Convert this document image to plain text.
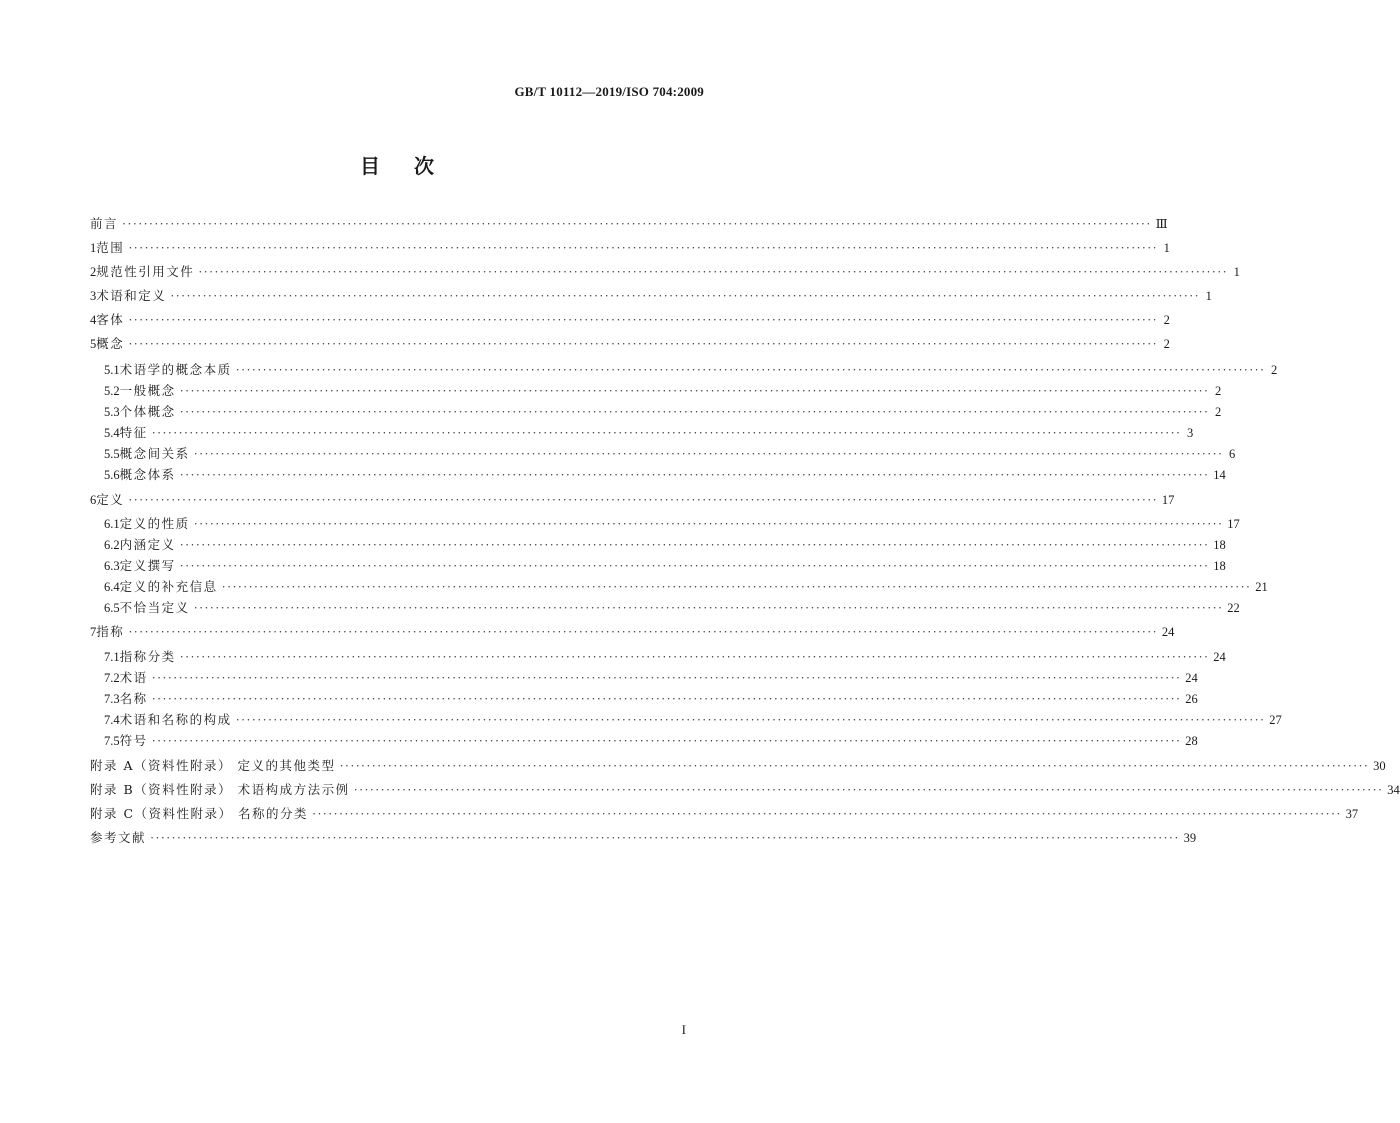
GB/T 10112—2019/ISO 704:2009
目次
前言 ·····	Ⅲ
1 范围 ·····	1
2 规范性引用文件 ·····	1
3 术语和定义 ·····	1
4 客体 ·····	2
5 概念 ·····	2
5.1 术语学的概念本质 ·····	2
5.2 一般概念 ·····	2
5.3 个体概念 ·····	2
5.4 特征 ·····	3
5.5 概念间关系 ·····	6
5.6 概念体系 ·····	14
6 定义 ·····	17
6.1 定义的性质 ·····	17
6.2 内涵定义 ·····	18
6.3 定义撰写 ·····	18
6.4 定义的补充信息 ·····	21
6.5 不恰当定义 ·····	22
7 指称 ·····	24
7.1 指称分类 ·····	24
7.2 术语 ·····	24
7.3 名称 ·····	26
7.4 术语和名称的构成 ·····	27
7.5 符号 ·····	28
附录 A（资料性附录） 定义的其他类型 ·····	30
附录 B（资料性附录） 术语构成方法示例 ·····	34
附录 C（资料性附录） 名称的分类 ·····	37
参考文献 ·····	39
I
